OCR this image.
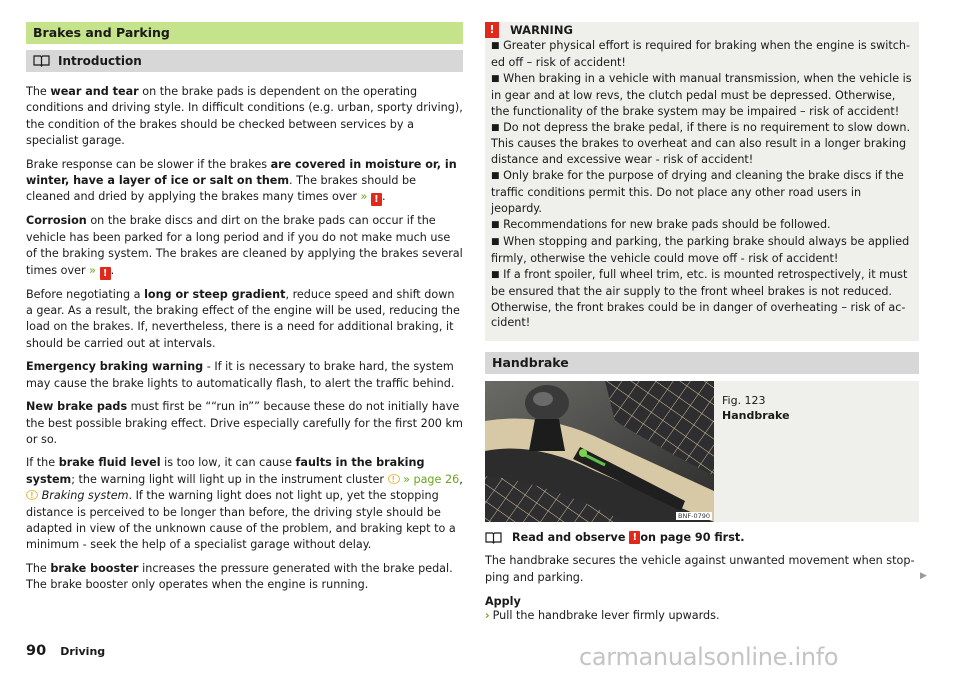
Brakes and Parking
Introduction

The wear and tear on the brake pads is dependent on the operating conditions and driving style. In difficult conditions (e.g. urban, sporty driving), the condition of the brakes should be checked between services by a specialist garage.

Brake response can be slower if the brakes are covered in moisture or, in winter, have a layer of ice or salt on them. The brakes should be cleaned and dried by applying the brakes many times over » ! .

Corrosion on the brake discs and dirt on the brake pads can occur if the vehicle has been parked for a long period and if you do not make much use of the braking system. The brakes are cleaned by applying the brakes several times over » ! .

Before negotiating a long or steep gradient, reduce speed and shift down a gear. As a result, the braking effect of the engine will be used, reducing the load on the brakes. If, nevertheless, there is a need for additional braking, it should be carried out at intervals.

Emergency braking warning - If it is necessary to brake hard, the system may cause the brake lights to automatically flash, to alert the traffic behind.

New brake pads must first be ““run in”” because these do not initially have the best possible braking effect. Drive especially carefully for the first 200 km or so.

If the brake fluid level is too low, it can cause faults in the braking system; the warning light will light up in the instrument cluster ! » page 26, ! Braking system. If the warning light does not light up, yet the stopping distance is perceived to be longer than before, the driving style should be adapted in view of the unknown cause of the problem, and braking kept to a minimum - seek the help of a specialist garage without delay.

The brake booster increases the pressure generated with the brake pedal. The brake booster only operates when the engine is running.

!	WARNING
■ Greater physical effort is required for braking when the engine is switched off – risk of accident!
■ When braking in a vehicle with manual transmission, when the vehicle is in gear and at low revs, the clutch pedal must be depressed. Otherwise, the functionality of the brake system may be impaired – risk of accident!
■ Do not depress the brake pedal, if there is no requirement to slow down. This causes the brakes to overheat and can also result in a longer braking distance and excessive wear - risk of accident!
■ Only brake for the purpose of drying and cleaning the brake discs if the traffic conditions permit this. Do not place any other road users in jeopardy.
■ Recommendations for new brake pads should be followed.
■ When stopping and parking, the parking brake should always be applied firmly, otherwise the vehicle could move off - risk of accident!
■ If a front spoiler, full wheel trim, etc. is mounted retrospectively, it must be ensured that the air supply to the front wheel brakes is not reduced. Otherwise, the front brakes could be in danger of overheating – risk of accident!
Handbrake
BNF-0790
Fig. 123
Handbrake
Read and observe
! on page 90 first.

The handbrake secures the vehicle against unwanted movement when stopping and parking.

Apply
› Pull the handbrake lever firmly upwards.
▶
90 Driving	carmanualsonline.info
